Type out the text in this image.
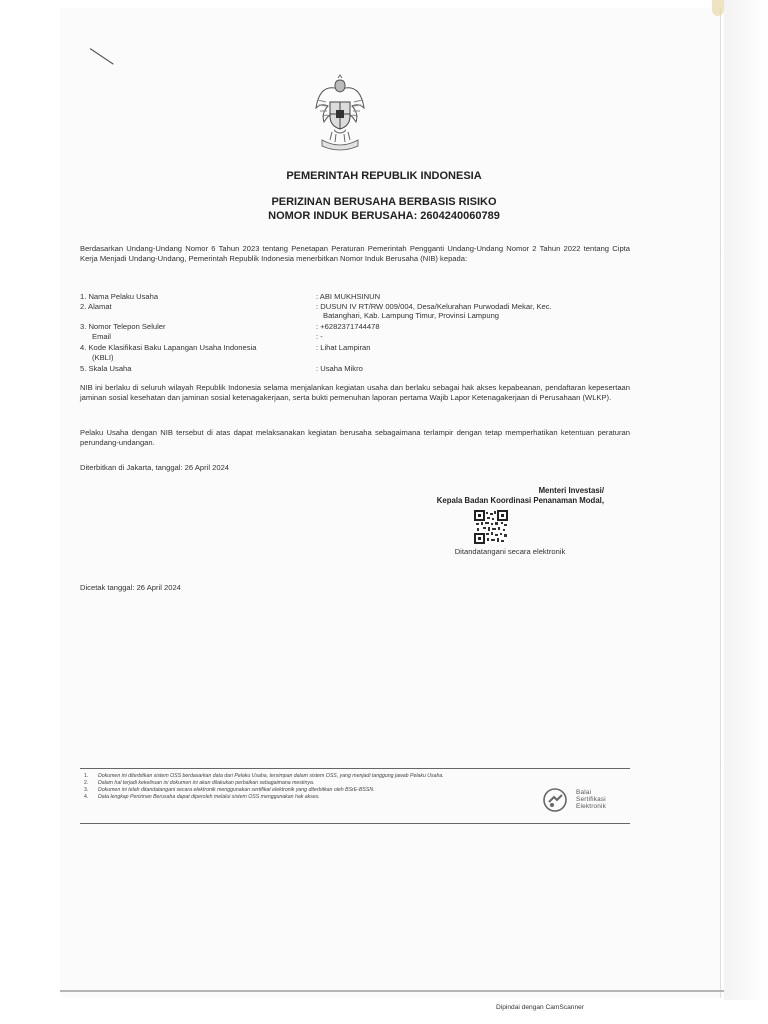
PEMERINTAH REPUBLIK INDONESIA
PERIZINAN BERUSAHA BERBASIS RISIKO
NOMOR INDUK BERUSAHA: 2604240060789
Berdasarkan Undang-Undang Nomor 6 Tahun 2023 tentang Penetapan Peraturan Pemerintah Pengganti Undang-Undang Nomor 2 Tahun 2022 tentang Cipta Kerja Menjadi Undang-Undang, Pemerintah Republik Indonesia menerbitkan Nomor Induk Berusaha (NIB) kepada:
1. Nama Pelaku Usaha	: ABI MUKHSINUN
2. Alamat	: DUSUN IV RT/RW 009/004, Desa/Kelurahan Purwodadi Mekar, Kec.
Batanghari, Kab. Lampung Timur, Provinsi Lampung
3. Nomor Telepon Seluler	: +6282371744478
Email	: -
4. Kode Klasifikasi Baku Lapangan Usaha Indonesia	: Lihat Lampiran
(KBLI)
5. Skala Usaha	: Usaha Mikro
NIB ini berlaku di seluruh wilayah Republik Indonesia selama menjalankan kegiatan usaha dan berlaku sebagai hak akses kepabeanan, pendaftaran kepesertaan jaminan sosial kesehatan dan jaminan sosial ketenagakerjaan, serta bukti pemenuhan laporan pertama Wajib Lapor Ketenagakerjaan di Perusahaan (WLKP).
Pelaku Usaha dengan NIB tersebut di atas dapat melaksanakan kegiatan berusaha sebagaimana terlampir dengan tetap memperhatikan ketentuan peraturan perundang-undangan.
Diterbitkan di Jakarta, tanggal: 26 April 2024
Menteri Investasi/
Kepala Badan Koordinasi Penanaman Modal,
Ditandatangani secara elektronik
Dicetak tanggal: 26 April 2024
1. Dokumen ini diterbitkan sistem OSS berdasarkan data dari Pelaku Usaha, tersimpan dalam sistem OSS, yang menjadi tanggung jawab Pelaku Usaha.
2. Dalam hal terjadi kekeliruan isi dokumen ini akan dilakukan perbaikan sebagaimana mestinya.
3. Dokumen ini telah ditandatangani secara elektronik menggunakan sertifikat elektronik yang diterbitkan oleh BSrE-BSSN.
4. Data lengkap Perizinan Berusaha dapat diperoleh melalui sistem OSS menggunakan hak akses.
Balai
Sertifikasi
Elektronik
Dipindai dengan CamScanner
